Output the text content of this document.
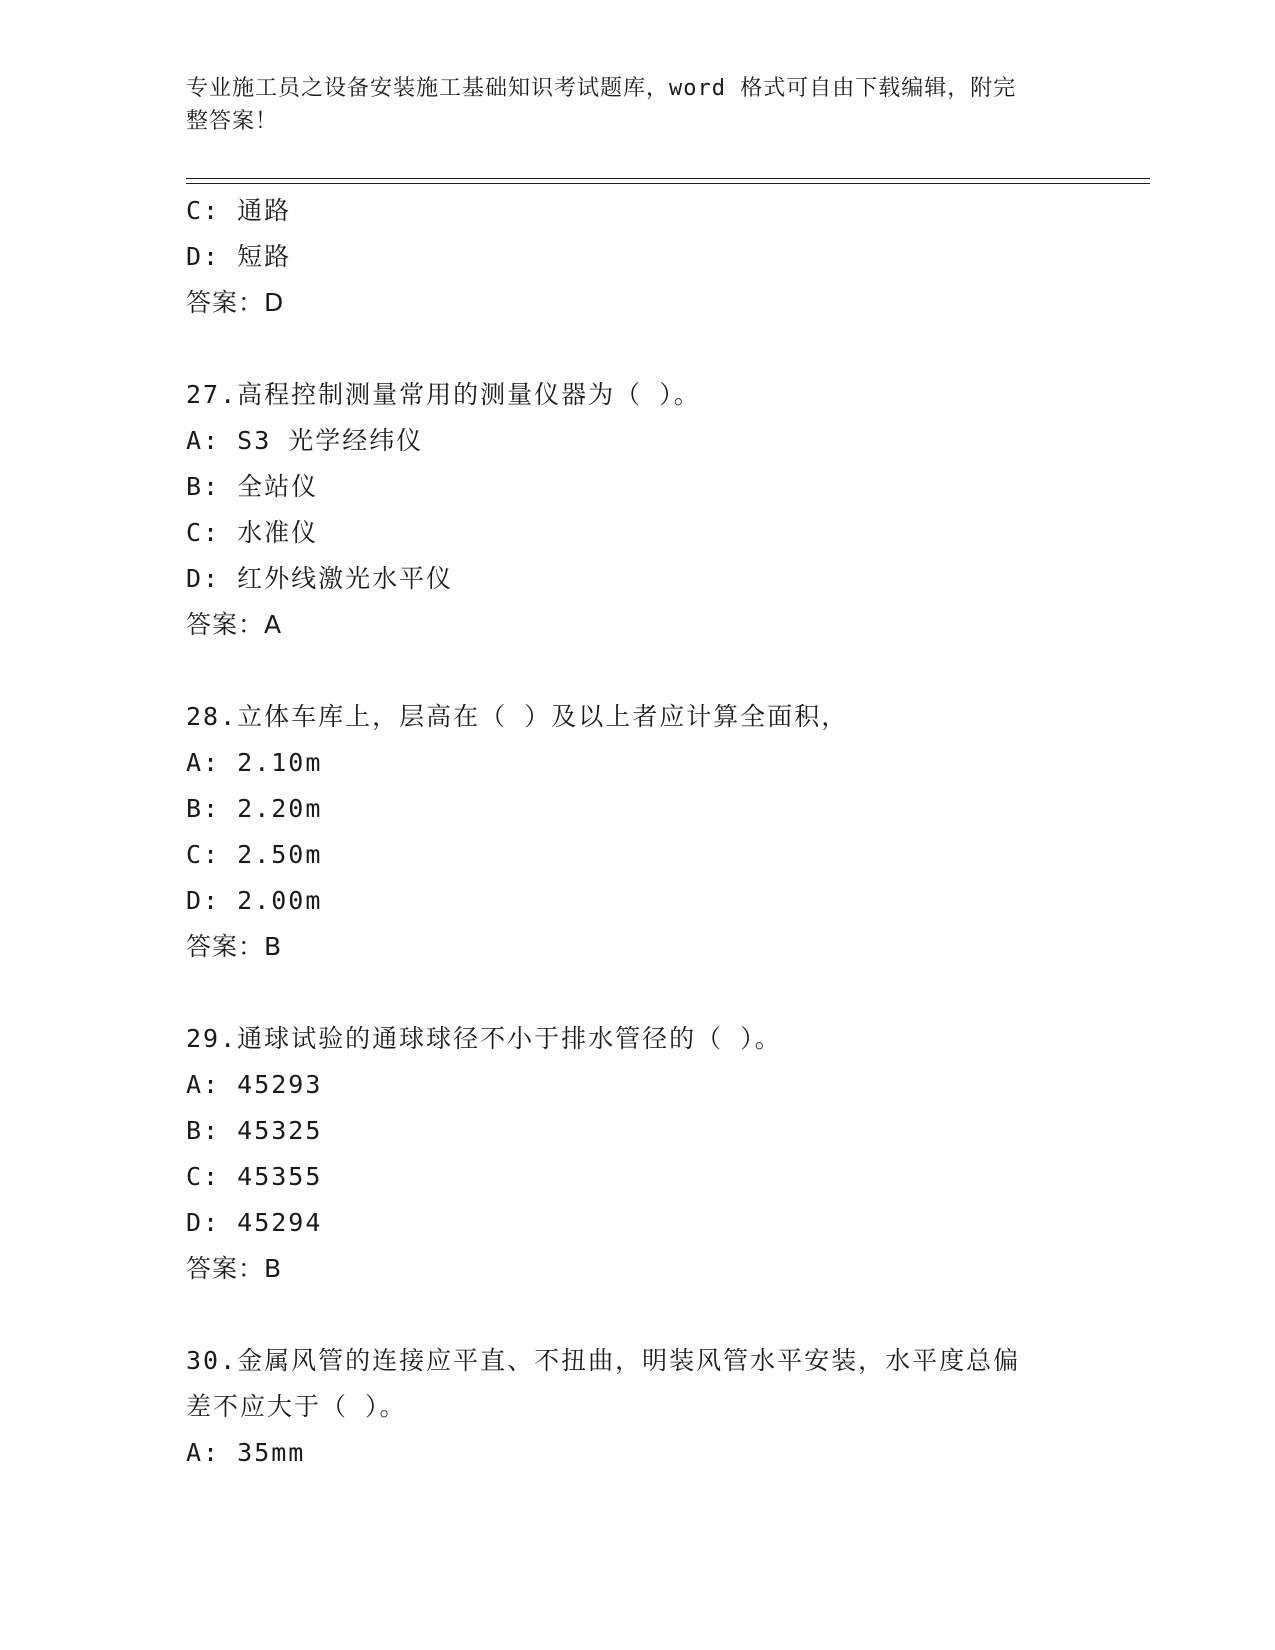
专业施工员之设备安装施工基础知识考试题库，word 格式可自由下载编辑，附完
整答案！
C: 通路
D: 短路
答案：D
27.高程控制测量常用的测量仪器为（ ）。
A: S3 光学经纬仪
B: 全站仪
C: 水准仪
D: 红外线激光水平仪
答案：A
28.立体车库上，层高在（ ）及以上者应计算全面积，
A: 2.10m
B: 2.20m
C: 2.50m
D: 2.00m
答案：B
29.通球试验的通球球径不小于排水管径的（ ）。
A: 45293
B: 45325
C: 45355
D: 45294
答案：B
30.金属风管的连接应平直、不扭曲，明装风管水平安装，水平度总偏
差不应大于（ ）。
A: 35mm
